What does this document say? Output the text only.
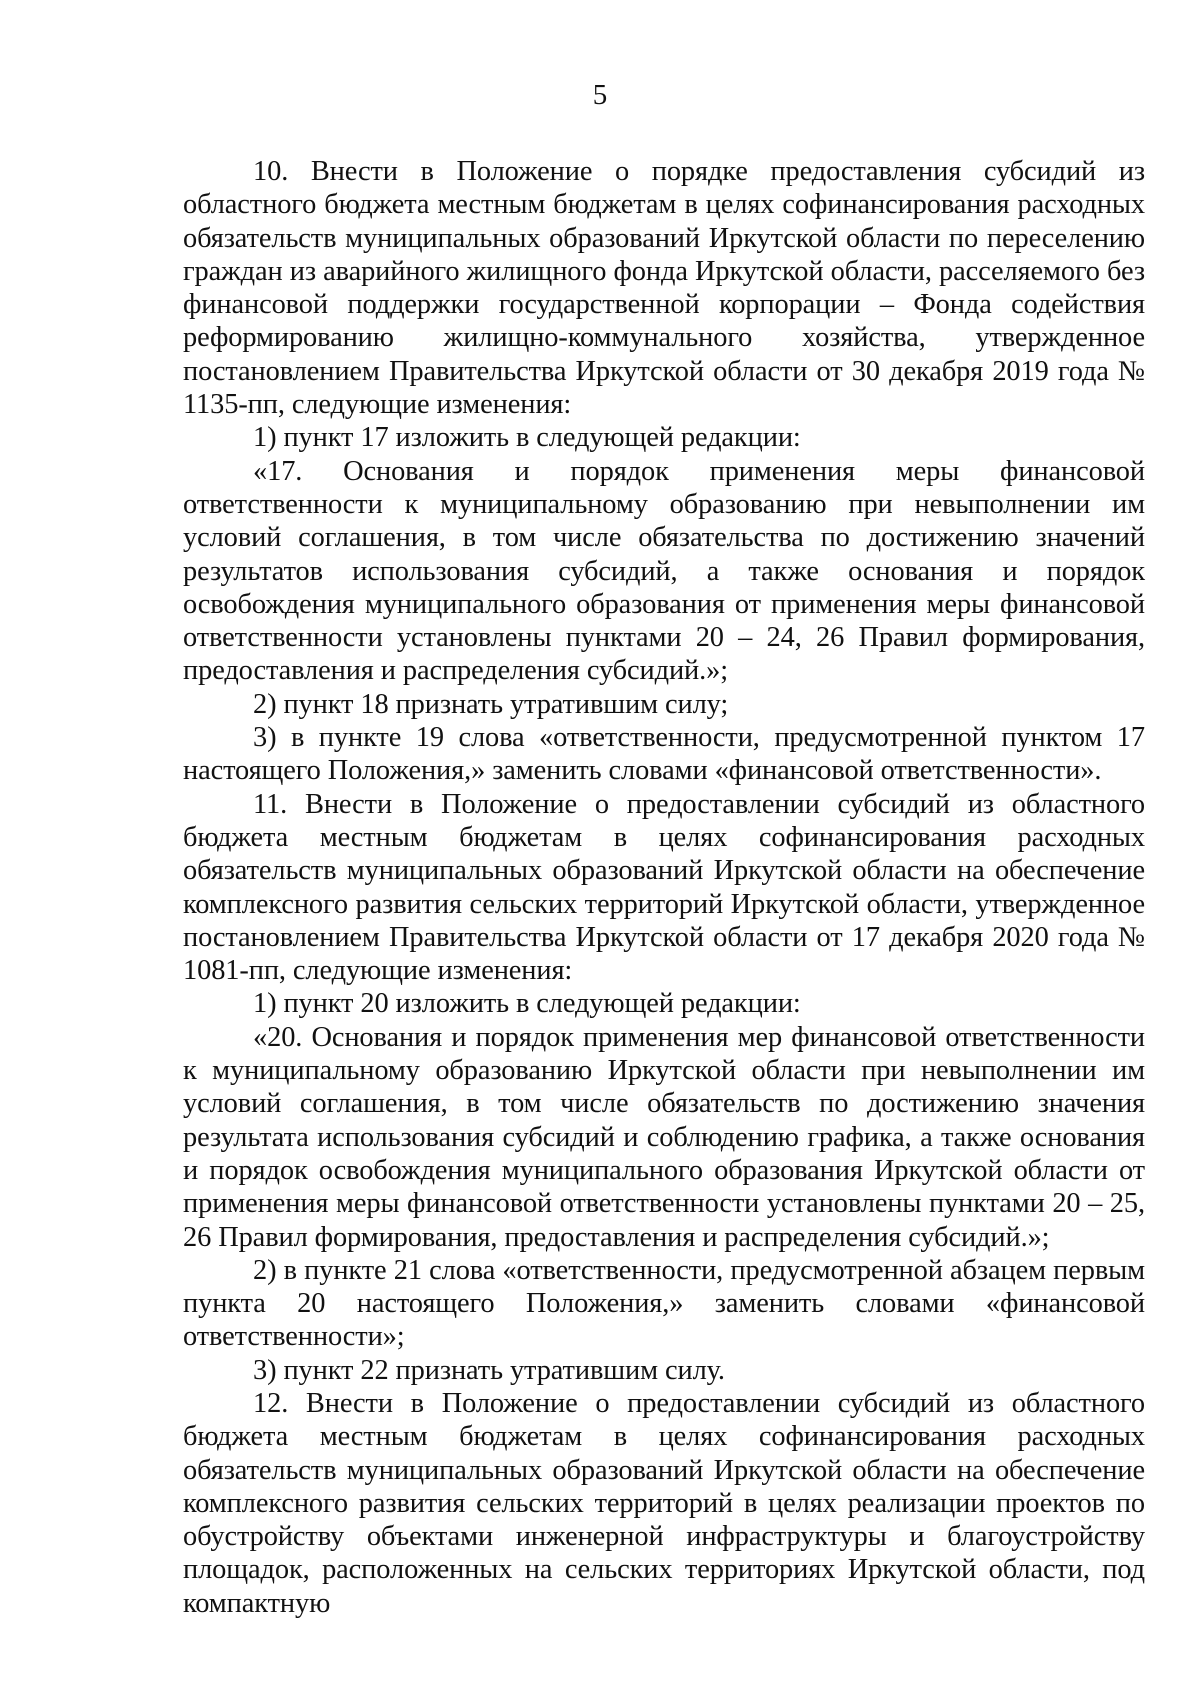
5

10. Внести в Положение о порядке предоставления субсидий из областного бюджета местным бюджетам в целях софинансирования расходных обязательств муниципальных образований Иркутской области по переселению граждан из аварийного жилищного фонда Иркутской области, расселяемого без финансовой поддержки государственной корпорации – Фонда содействия реформированию жилищно-коммунального хозяйства, утвержденное постановлением Правительства Иркутской области от 30 декабря 2019 года № 1135-пп, следующие изменения:

1) пункт 17 изложить в следующей редакции:

«17. Основания и порядок применения меры финансовой ответственности к муниципальному образованию при невыполнении им условий соглашения, в том числе обязательства по достижению значений результатов использования субсидий, а также основания и порядок освобождения муниципального образования от применения меры финансовой ответственности установлены пунктами 20 – 24, 26 Правил формирования, предоставления и распределения субсидий.»;

2) пункт 18 признать утратившим силу;

3) в пункте 19 слова «ответственности, предусмотренной пунктом 17 настоящего Положения,» заменить словами «финансовой ответственности».

11. Внести в Положение о предоставлении субсидий из областного бюджета местным бюджетам в целях софинансирования расходных обязательств муниципальных образований Иркутской области на обеспечение комплексного развития сельских территорий Иркутской области, утвержденное постановлением Правительства Иркутской области от 17 декабря 2020 года № 1081-пп, следующие изменения:

1) пункт 20 изложить в следующей редакции:

«20. Основания и порядок применения мер финансовой ответственности к муниципальному образованию Иркутской области при невыполнении им условий соглашения, в том числе обязательств по достижению значения результата использования субсидий и соблюдению графика, а также основания и порядок освобождения муниципального образования Иркутской области от применения меры финансовой ответственности установлены пунктами 20 – 25, 26 Правил формирования, предоставления и распределения субсидий.»;

2) в пункте 21 слова «ответственности, предусмотренной абзацем первым пункта 20 настоящего Положения,» заменить словами «финансовой ответственности»;

3) пункт 22 признать утратившим силу.

12. Внести в Положение о предоставлении субсидий из областного бюджета местным бюджетам в целях софинансирования расходных обязательств муниципальных образований Иркутской области на обеспечение комплексного развития сельских территорий в целях реализации проектов по обустройству объектами инженерной инфраструктуры и благоустройству площадок, расположенных на сельских территориях Иркутской области, под компактную
